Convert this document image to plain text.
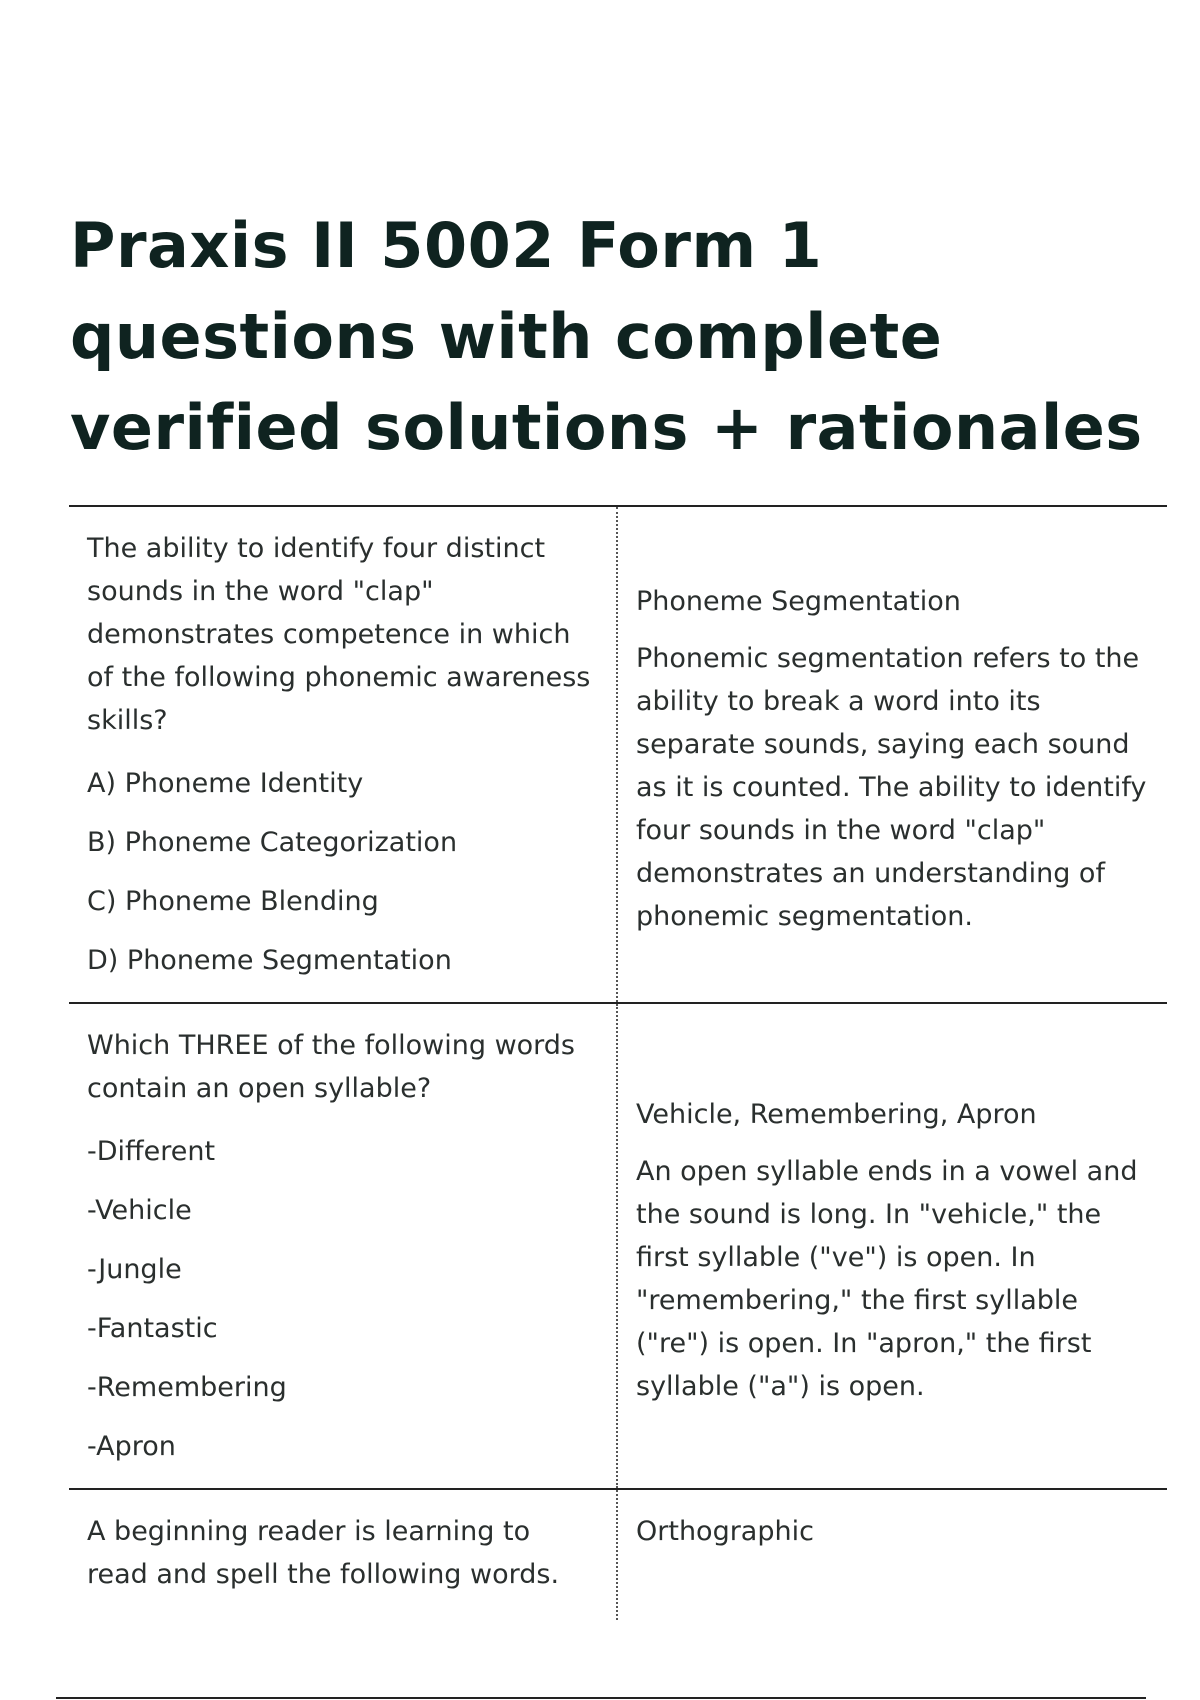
Praxis II 5002 Form 1 questions with complete verified solutions + rationales

The ability to identify four distinct sounds in the word "clap" demonstrates competence in which of the following phonemic awareness skills?

A) Phoneme Identity

B) Phoneme Categorization

C) Phoneme Blending

D) Phoneme Segmentation

Phoneme Segmentation

Phonemic segmentation refers to the ability to break a word into its separate sounds, saying each sound as it is counted. The ability to identify four sounds in the word "clap" demonstrates an understanding of phonemic segmentation.

Which THREE of the following words contain an open syllable?

-Different

-Vehicle

-Jungle

-Fantastic

-Remembering

-Apron

Vehicle, Remembering, Apron

An open syllable ends in a vowel and the sound is long. In "vehicle," the first syllable ("ve") is open. In "remembering," the first syllable ("re") is open. In "apron," the first syllable ("a") is open.

A beginning reader is learning to read and spell the following words.

Orthographic
